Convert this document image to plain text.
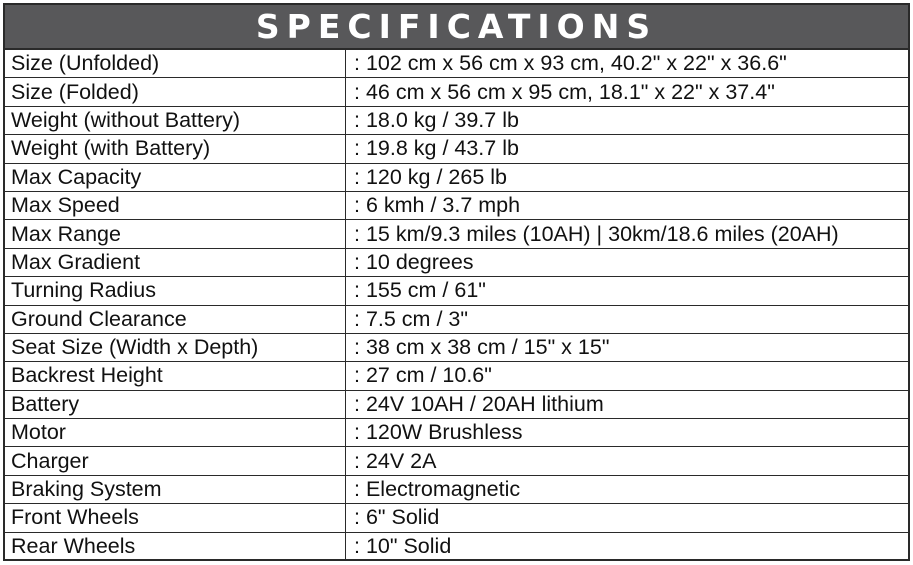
SPECIFICATIONS
Size (Unfolded)	: 102 cm x 56 cm x 93 cm, 40.2" x 22" x 36.6"
Size (Folded)	: 46 cm x 56 cm x 95 cm, 18.1" x 22" x 37.4"
Weight (without Battery)	: 18.0 kg / 39.7 lb
Weight (with Battery)	: 19.8 kg / 43.7 lb
Max Capacity	: 120 kg / 265 lb
Max Speed	: 6 kmh / 3.7 mph
Max Range	: 15 km/9.3 miles (10AH) | 30km/18.6 miles (20AH)
Max Gradient	: 10 degrees
Turning Radius	: 155 cm / 61"
Ground Clearance	: 7.5 cm / 3"
Seat Size (Width x Depth)	: 38 cm x 38 cm / 15" x 15"
Backrest Height	: 27 cm / 10.6"
Battery	: 24V 10AH / 20AH lithium
Motor	: 120W Brushless
Charger	: 24V 2A
Braking System	: Electromagnetic
Front Wheels	: 6" Solid
Rear Wheels	: 10" Solid
